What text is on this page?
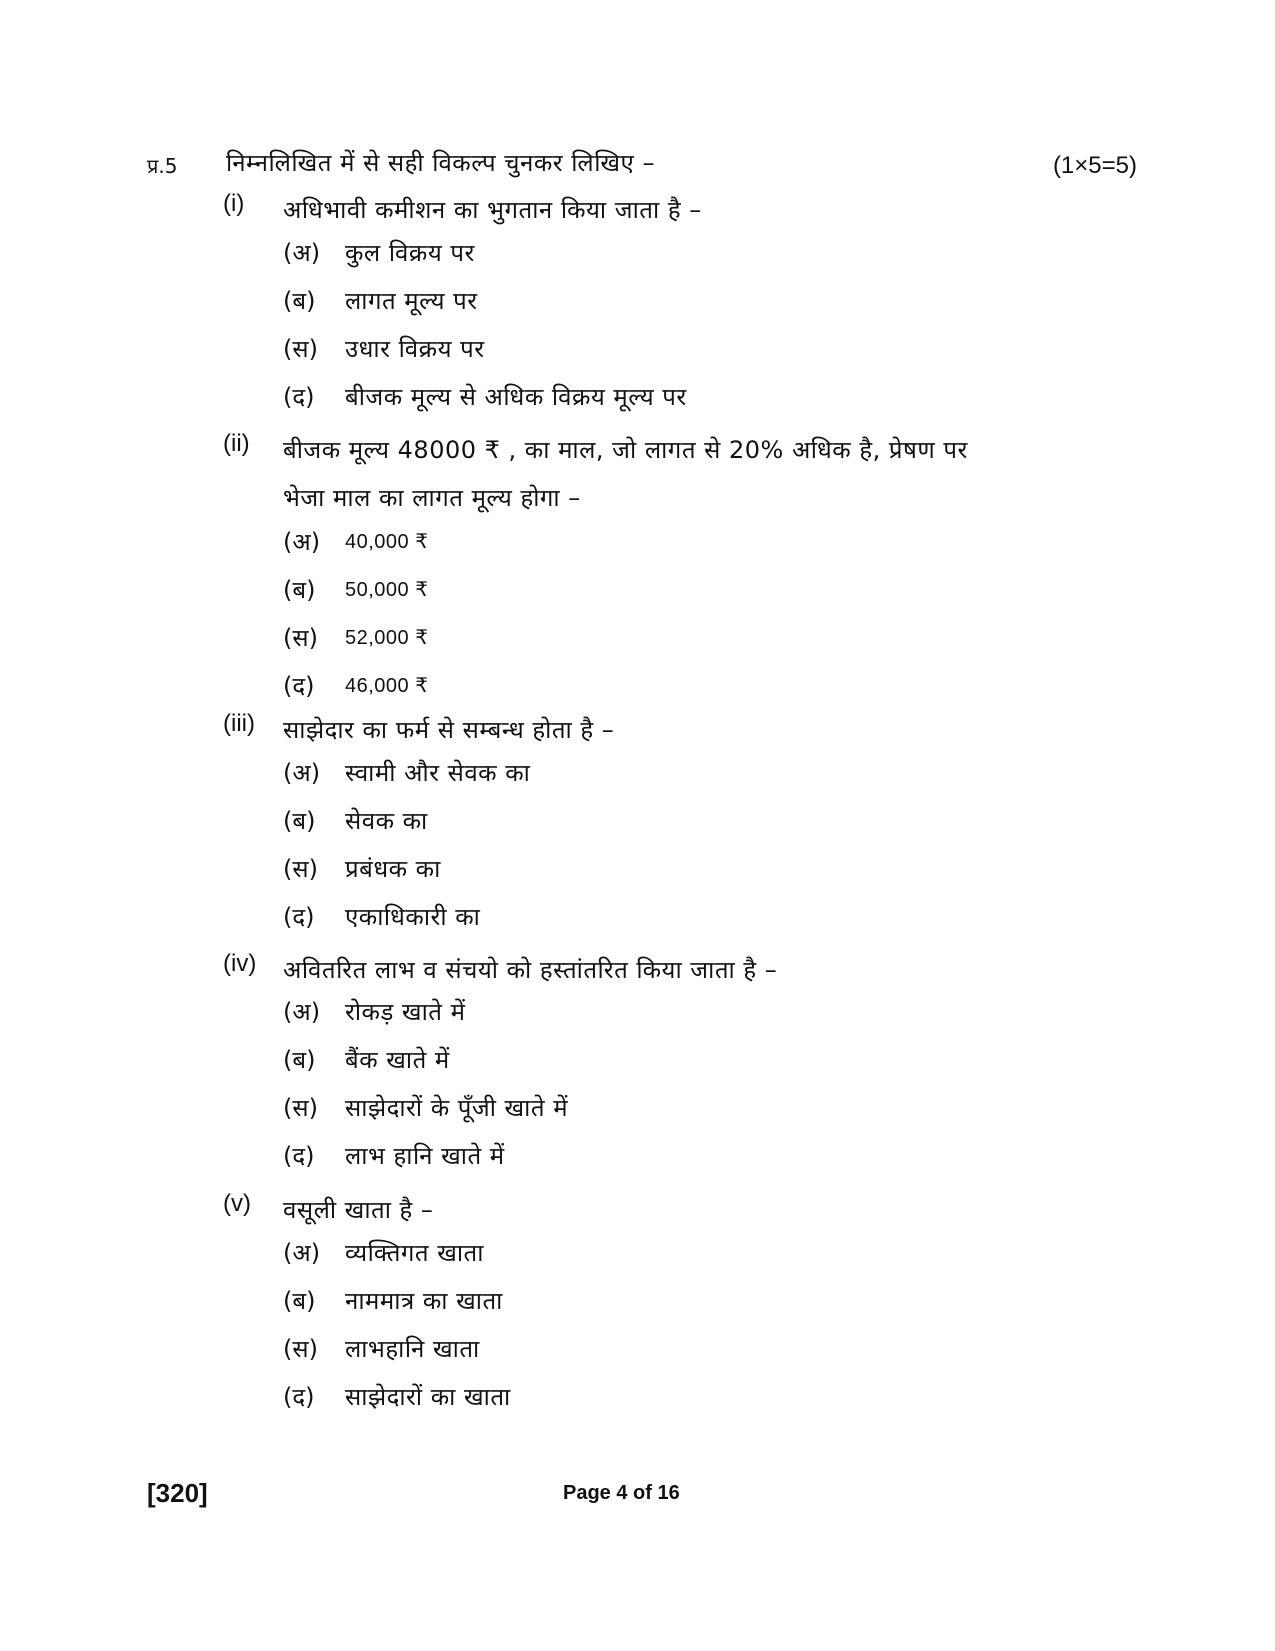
प्र.5 निम्नलिखित में से सही विकल्प चुनकर लिखिए –	(1×5=5)
(i) अधिभावी कमीशन का भुगतान किया जाता है –
(अ) कुल विक्रय पर
(ब) लागत मूल्य पर
(स) उधार विक्रय पर
(द) बीजक मूल्य से अधिक विक्रय मूल्य पर
(ii) बीजक मूल्य 48000 ₹ , का माल, जो लागत से 20% अधिक है, प्रेषण पर
भेजा माल का लागत मूल्य होगा –
(अ) 40,000 ₹
(ब) 50,000 ₹
(स) 52,000 ₹
(द) 46,000 ₹
(iii) साझेदार का फर्म से सम्बन्ध होता है –
(अ) स्वामी और सेवक का
(ब) सेवक का
(स) प्रबंधक का
(द) एकाधिकारी का
(iv) अवितरित लाभ व संचयो को हस्तांतरित किया जाता है –
(अ) रोकड़ खाते में
(ब) बैंक खाते में
(स) साझेदारों के पूँजी खाते में
(द) लाभ हानि खाते में
(v) वसूली खाता है –
(अ) व्यक्तिगत खाता
(ब) नाममात्र का खाता
(स) लाभहानि खाता
(द) साझेदारों का खाता
[320]	Page 4 of 16
